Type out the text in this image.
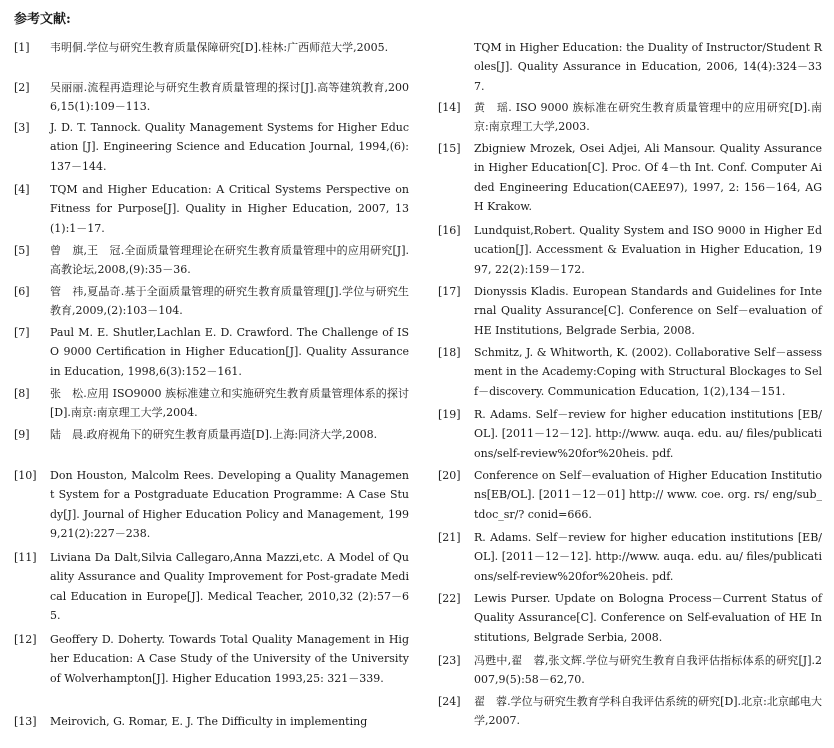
参考文献:
[1] 韦明侗.学位与研究生教育质量保障研究[D].桂林:广西师范大学,2005.
[2] 吴丽丽.流程再造理论与研究生教育质量管理的探讨[J].高等建筑教育,2006,15(1):109－113.
[3] J. D. T. Tannock. Quality Management Systems for Higher Education [J]. Engineering Science and Education Journal, 1994,(6):137－144.
[4] TQM and Higher Education: A Critical Systems Perspective on Fitness for Purpose[J]. Quality in Higher Education, 2007, 13(1):1－17.
[5] 曾　旗,王　冠.全面质量管理理论在研究生教育质量管理中的应用研究[J].高教论坛,2008,(9):35－36.
[6] 管　祎,夏晶奇.基于全面质量管理的研究生教育质量管理[J].学位与研究生教育,2009,(2):103－104.
[7] Paul M. E. Shutler,Lachlan E. D. Crawford. The Challenge of ISO 9000 Certification in Higher Education[J]. Quality Assurance in Education, 1998,6(3):152－161.
[8] 张　松.应用 ISO9000 族标准建立和实施研究生教育质量管理体系的探讨[D].南京:南京理工大学,2004.
[9] 陆　晨.政府视角下的研究生教育质量再造[D].上海:同济大学,2008.
[10] Don Houston, Malcolm Rees. Developing a Quality Management System for a Postgraduate Education Programme: A Case Study[J]. Journal of Higher Education Policy and Management, 1999,21(2):227－238.
[11] Liviana Da Dalt,Silvia Callegaro,Anna Mazzi,etc. A Model of Quality Assurance and Quality Improvement for Post-gradate Medical Education in Europe[J]. Medical Teacher, 2010,32 (2):57－65.
[12] Geoffery D. Doherty. Towards Total Quality Management in Higher Education: A Case Study of the University of the University of Wolverhampton[J]. Higher Education 1993,25: 321－339.
[13] Meirovich, G. Romar, E. J. The Difficulty in implementing
TQM in Higher Education: the Duality of Instructor/Student Roles[J]. Quality Assurance in Education, 2006, 14(4):324－337.
[14] 黄　瑶. ISO 9000 族标准在研究生教育质量管理中的应用研究[D].南京:南京理工大学,2003.
[15] Zbigniew Mrozek, Osei Adjei, Ali Mansour. Quality Assurance in Higher Education[C]. Proc. Of 4－th Int. Conf. Computer Aided Engineering Education(CAEE97), 1997, 2: 156－164, AGH Krakow.
[16] Lundquist,Robert. Quality System and ISO 9000 in Higher Education[J]. Accessment & Evaluation in Higher Education, 1997, 22(2):159－172.
[17] Dionyssis Kladis. European Standards and Guidelines for Internal Quality Assurance[C]. Conference on Self－evaluation of HE Institutions, Belgrade Serbia, 2008.
[18] Schmitz, J. & Whitworth, K. (2002). Collaborative Self－assessment in the Academy:Coping with Structural Blockages to Self－discovery. Communication Education, 1(2),134－151.
[19] R. Adams. Self－review for higher education institutions [EB/OL]. [2011－12－12]. http://www. auqa. edu. au/ files/publications/self-review%20for%20heis. pdf.
[20] Conference on Self－evaluation of Higher Education Institutions[EB/OL]. [2011－12－01] http:// www. coe. org. rs/ eng/sub_tdoc_sr/? conid=666.
[21] R. Adams. Self－review for higher education institutions [EB/OL]. [2011－12－12]. http://www. auqa. edu. au/ files/publications/self-review%20for%20heis. pdf.
[22] Lewis Purser. Update on Bologna Process－Current Status of Quality Assurance[C]. Conference on Self-evaluation of HE Institutions, Belgrade Serbia, 2008.
[23] 冯甦中,翟　蓉,张文辉.学位与研究生教育自我评估指标体系的研究[J].2007,9(5):58－62,70.
[24] 翟　蓉.学位与研究生教育学科自我评估系统的研究[D].北京:北京邮电大学,2007.
